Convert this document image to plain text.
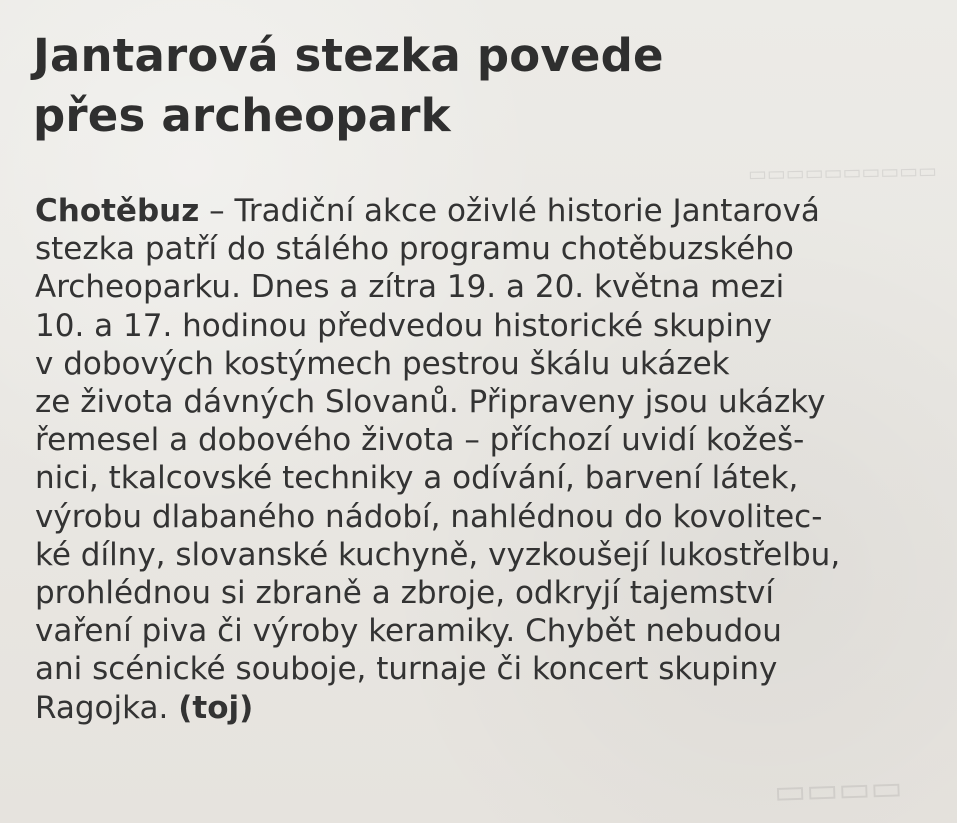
▭▭▭▭▭▭▭▭▭▭
▭▭▭▭
Jantarová stezka povede
přes archeopark
Chotěbuz – Tradiční akce oživlé historie Jantarová
stezka patří do stálého programu chotěbuzského
Archeoparku. Dnes a zítra 19. a 20. května mezi
10. a 17. hodinou předvedou historické skupiny
v dobových kostýmech pestrou škálu ukázek
ze života dávných Slovanů. Připraveny jsou ukázky
řemesel a dobového života – příchozí uvidí kožeš-
nici, tkalcovské techniky a odívání, barvení látek,
výrobu dlabaného nádobí, nahlédnou do kovolitec-
ké dílny, slovanské kuchyně, vyzkoušejí lukostřelbu,
prohlédnou si zbraně a zbroje, odkryjí tajemství
vaření piva či výroby keramiky. Chybět nebudou
ani scénické souboje, turnaje či koncert skupiny
Ragojka. (toj)
